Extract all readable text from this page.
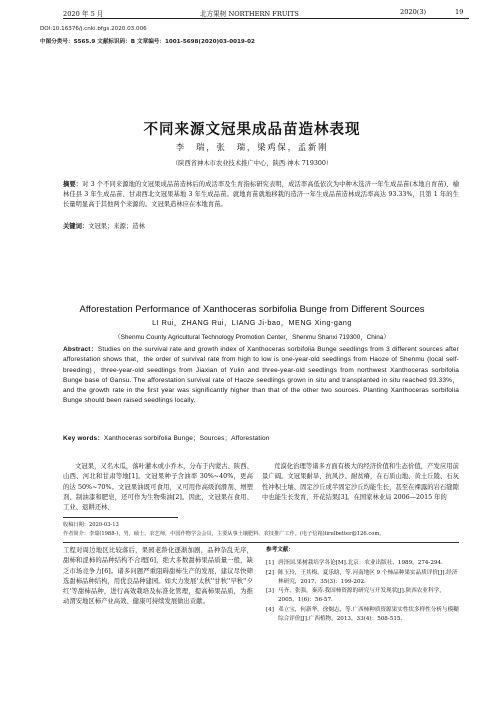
2020 年 5 月	北方果树 NORTHERN FRUITS	2020(3)	19
DOI:10.16376/j.cnki.bfgs.2020.03.006
中图分类号：S565.9 文献标识码：B 文章编号：1001-5698(2020)03-0019-02
不同来源文冠果成品苗造林表现
李　瑞，张　瑞，梁鸡保，孟新刚
（陕西省神木市农业技术推广中心，陕西 神木 719300）
摘要：对 3 个不同来源地的文冠果成品苗造林后的成活率及生育指标研究表明，成活率高低依次为中种木选济一年生成品苗(本地自育苗)、榆林佳县 3 年生成品苗、甘肃西北文冠果基地 3 年生成品苗。就地育苗就地移栽的造济一年生成品苗造林成活率高达 93.33%，且第 1 年的生长量明显高于其他两个来源的。文冠果造林应在本地育苗。
关键词：文冠果；来源；造林
Afforestation Performance of Xanthoceras sorbifolia Bunge from Different Sources
LI Rui，ZHANG Rui，LIANG Ji-bao，MENG Xing-gang
（Shenmu County Agricultural Technology Promotion Center，Shenmu Shanxi 719300，China）
Abstract：Studies on the survival rate and growth index of Xanthoceras sorbifolia Bunge seedlings from 3 different sources after afforestation shows that，the order of survival rate from high to low is one-year-old seedlings from Haoze of Shenmu (local self-breeding)，three-year-old seedlings from Jiaxian of Yulin and three-year-old seedlings from northwest Xanthoceras sorbifolia Bunge base of Gansu. The afforestation survival rate of Haoze seedlings grown in situ and transplanted in situ reached 93.33%，and the growth rate in the first year was significantly higher than that of the other two sources. Planting Xanthoceras sorbifolia Bunge should been raised seedlings locally.
Key words：Xanthoceras sorbifolia Bunge；Sources；Afforestation
文冠果，又名木瓜，落叶灌木或小乔木，分布于内蒙古、陕西、山西、河北和甘肃等地[1]。文冠果种子含油率 30%~40%，更高的达 50%~70%。文冠果油既可食用，又可用作高级润滑剂、增塑剂、制油漆和肥皂，还可作为生物柴油[2]。因此，文冠果在食用、工业、退耕还林、
荒漠化治理等诸多方面有极大的经济价值和生态价值，产发应用前景广阔。文冠果耐旱、抗风沙、耐贫瘠，在石质山地、黄土丘陵、石灰性冲积土壤、固定沙丘或半固定沙丘均能生长，甚至在裸露的岩石缝隙中也能生长发育，开花结果[3]。在国家林业局 2006—2015 年的
收稿日期：2020-03-13
作者简介：李瑞(1988-)，男，硕士，农艺师，中国作物学会会员，主要从事土壤肥料、农技推广工作。(电子信箱)lirulbetter@126.com。
工程对周边地区比较落后，果园老龄化逐渐加剧，品种杂乱无序，甜柿和涩柿的品种结构不合理[6]，绝大多数甜柿果品质量一般，缺乏市场竞争力[6]。诸多问题严重阻碍甜柿生产的发展，建议尽快筛选甜柿品种结构，用优良品种建园。如大力发展'太秋''甘秋''早秋''夕红'等甜柿品种，进行高效栽培及标准化管理，提高柿果品质，为推动渭安地区柿产业高效、健康可持续发展做出贡献。
参考文献：
[1] 唐泽国.果树栽培学各论[M].北京：农业出版社，1989，274-294.
[2] 陈玉玲，王其梅，夏乐晗，等.河南地区 9 个柿品种果实品质评价[J].经济林研究，2017，35(3)：199-202.
[3] 马齐，张强，秦涛.我国柿资源的研究与开发现状[J].陕西农业科学，2005，1(6)：56-57.
[4] 邓立宝，何新华，徐炯志，等.广西柿种质资源果实性状多样性分析与模糊综合评价[J].广西植物，2013，33(4)：508-515.
